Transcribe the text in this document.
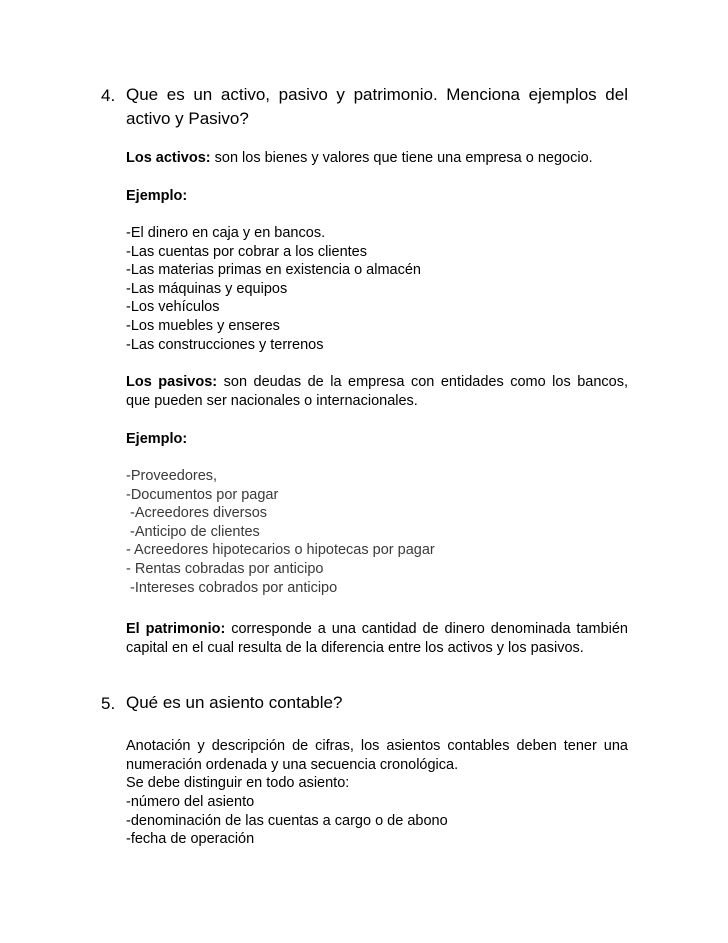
4. Que es un activo, pasivo y patrimonio. Menciona ejemplos del activo y Pasivo?
Los activos: son los bienes y valores que tiene una empresa o negocio.
Ejemplo:
-El dinero en caja y en bancos.
-Las cuentas por cobrar a los clientes
-Las materias primas en existencia o almacén
-Las máquinas y equipos
-Los vehículos
-Los muebles y enseres
-Las construcciones y terrenos
Los pasivos: son deudas de la empresa con entidades como los bancos, que pueden ser nacionales o internacionales.
Ejemplo:
-Proveedores,
-Documentos por pagar
-Acreedores diversos
-Anticipo de clientes
- Acreedores hipotecarios o hipotecas por pagar
- Rentas cobradas por anticipo
-Intereses cobrados por anticipo
El patrimonio: corresponde a una cantidad de dinero denominada también capital en el cual resulta de la diferencia entre los activos y los pasivos.
5. Qué es un asiento contable?
Anotación y descripción de cifras, los asientos contables deben tener una numeración ordenada y una secuencia cronológica.
Se debe distinguir en todo asiento:
-número del asiento
-denominación de las cuentas a cargo o de abono
-fecha de operación
